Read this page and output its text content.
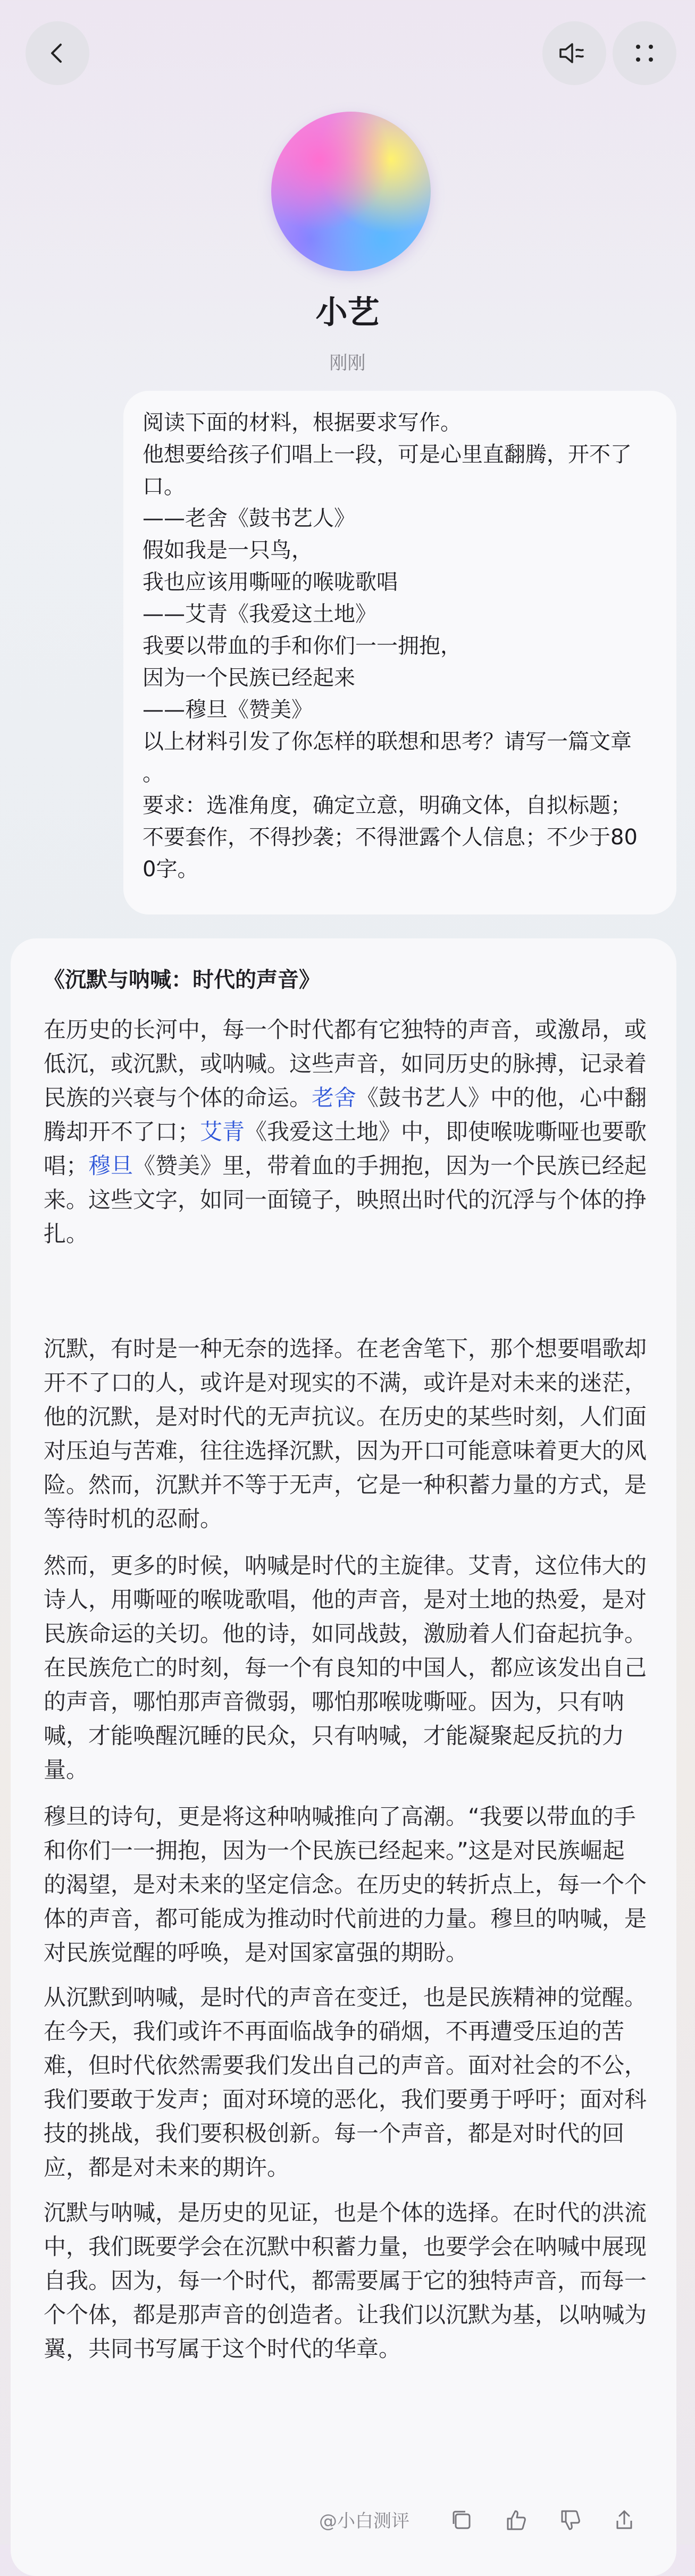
小艺
刚刚
阅读下面的材料，根据要求写作。
他想要给孩子们唱上一段，可是心里直翻腾，开不了
口。
——老舍《鼓书艺人》
假如我是一只鸟，
我也应该用嘶哑的喉咙歌唱
——艾青《我爱这土地》
我要以带血的手和你们一一拥抱，
因为一个民族已经起来
——穆旦《赞美》
以上材料引发了你怎样的联想和思考？请写一篇文章
。
要求：选准角度，确定立意，明确文体，自拟标题；
不要套作，不得抄袭；不得泄露个人信息；不少于80
0字。
《沉默与呐喊：时代的声音》
在历史的长河中，每一个时代都有它独特的声音，或激昂，或
低沉，或沉默，或呐喊。这些声音，如同历史的脉搏，记录着
民族的兴衰与个体的命运。老舍《鼓书艺人》中的他，心中翻
腾却开不了口；艾青《我爱这土地》中，即使喉咙嘶哑也要歌
唱；穆旦《赞美》里，带着血的手拥抱，因为一个民族已经起
来。这些文字，如同一面镜子，映照出时代的沉浮与个体的挣
扎。
沉默，有时是一种无奈的选择。在老舍笔下，那个想要唱歌却
开不了口的人，或许是对现实的不满，或许是对未来的迷茫，
他的沉默，是对时代的无声抗议。在历史的某些时刻，人们面
对压迫与苦难，往往选择沉默，因为开口可能意味着更大的风
险。然而，沉默并不等于无声，它是一种积蓄力量的方式，是
等待时机的忍耐。
然而，更多的时候，呐喊是时代的主旋律。艾青，这位伟大的
诗人，用嘶哑的喉咙歌唱，他的声音，是对土地的热爱，是对
民族命运的关切。他的诗，如同战鼓，激励着人们奋起抗争。
在民族危亡的时刻，每一个有良知的中国人，都应该发出自己
的声音，哪怕那声音微弱，哪怕那喉咙嘶哑。因为，只有呐
喊，才能唤醒沉睡的民众，只有呐喊，才能凝聚起反抗的力
量。
穆旦的诗句，更是将这种呐喊推向了高潮。“我要以带血的手
和你们一一拥抱，因为一个民族已经起来。”这是对民族崛起
的渴望，是对未来的坚定信念。在历史的转折点上，每一个个
体的声音，都可能成为推动时代前进的力量。穆旦的呐喊，是
对民族觉醒的呼唤，是对国家富强的期盼。
从沉默到呐喊，是时代的声音在变迁，也是民族精神的觉醒。
在今天，我们或许不再面临战争的硝烟，不再遭受压迫的苦
难，但时代依然需要我们发出自己的声音。面对社会的不公，
我们要敢于发声；面对环境的恶化，我们要勇于呼吁；面对科
技的挑战，我们要积极创新。每一个声音，都是对时代的回
应，都是对未来的期许。
沉默与呐喊，是历史的见证，也是个体的选择。在时代的洪流
中，我们既要学会在沉默中积蓄力量，也要学会在呐喊中展现
自我。因为，每一个时代，都需要属于它的独特声音，而每一
个个体，都是那声音的创造者。让我们以沉默为基，以呐喊为
翼，共同书写属于这个时代的华章。
@小白测评
